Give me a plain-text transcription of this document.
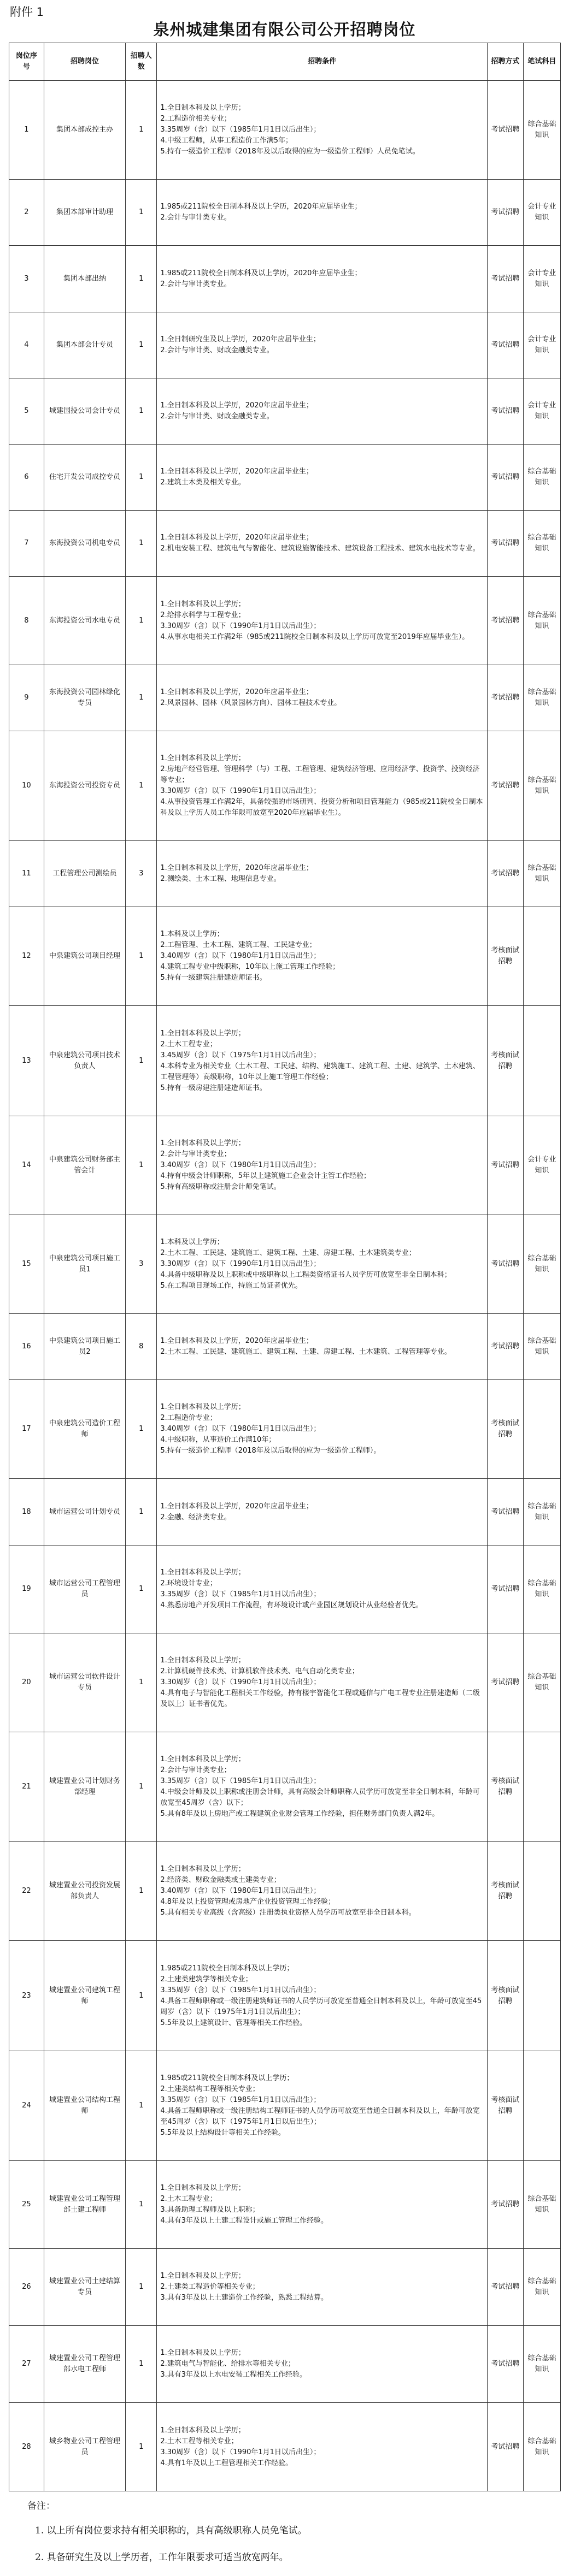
附件 1
泉州城建集团有限公司公开招聘岗位
岗位序号	招聘岗位	招聘人数	招聘条件	招聘方式	笔试科目
1	集团本部成控主办	1	1.全日制本科及以上学历；
2.工程造价相关专业；
3.35周岁（含）以下（1985年1月1日以后出生）；
4.中级工程师，从事工程造价工作满5年；
5.持有一级造价工程师（2018年及以后取得的应为一级造价工程师）人员免笔试。	考试招聘	综合基础知识
2	集团本部审计助理	1	1.985或211院校全日制本科及以上学历，2020年应届毕业生；
2.会计与审计类专业。	考试招聘	会计专业知识
3	集团本部出纳	1	1.985或211院校全日制本科及以上学历，2020年应届毕业生；
2.会计与审计类专业。	考试招聘	会计专业知识
4	集团本部会计专员	1	1.全日制研究生及以上学历，2020年应届毕业生；
2.会计与审计类、财政金融类专业。	考试招聘	会计专业知识
5	城建国投公司会计专员	1	1.全日制本科及以上学历，2020年应届毕业生；
2.会计与审计类、财政金融类专业。	考试招聘	会计专业知识
6	住宅开发公司成控专员	1	1.全日制本科及以上学历，2020年应届毕业生；
2.建筑土木类及相关专业。	考试招聘	综合基础知识
7	东海投资公司机电专员	1	1.全日制本科及以上学历，2020年应届毕业生；
2.机电安装工程、建筑电气与智能化、建筑设施智能技术、建筑设备工程技术、建筑水电技术等专业。	考试招聘	综合基础知识
8	东海投资公司水电专员	1	1.全日制本科及以上学历；
2.给排水科学与工程专业；
3.30周岁（含）以下（1990年1月1日以后出生）；
4.从事水电相关工作满2年（985或211院校全日制本科及以上学历可放宽至2019年应届毕业生）。	考试招聘	综合基础知识
9	东海投资公司园林绿化专员	1	1.全日制本科及以上学历，2020年应届毕业生；
2.风景园林、园林（风景园林方向）、园林工程技术专业。	考试招聘	综合基础知识
10	东海投资公司投资专员	1	1.全日制本科及以上学历；
2.房地产经营管理、管理科学（与）工程、工程管理、建筑经济管理、应用经济学、投资学、投资经济等专业；
3.30周岁（含）以下（1990年1月1日以后出生）；
4.从事投资管理工作满2年，具备较强的市场研判、投资分析和项目管理能力（985或211院校全日制本科及以上学历人员工作年限可放宽至2020年应届毕业生）。	考试招聘	综合基础知识
11	工程管理公司测绘员	3	1.全日制本科及以上学历，2020年应届毕业生；
2.测绘类、土木工程、地理信息专业。	考试招聘	综合基础知识
12	中泉建筑公司项目经理	1	1.本科及以上学历；
2.工程管理、土木工程、建筑工程、工民建专业；
3.40周岁（含）以下（1980年1月1日以后出生）；
4.建筑工程专业中级职称，10年以上施工管理工作经验；
5.持有一级建筑注册建造师证书。	考核面试招聘	
13	中泉建筑公司项目技术负责人	1	1.全日制本科及以上学历；
2.土木工程专业；
3.45周岁（含）以下（1975年1月1日以后出生）；
4.本科专业为相关专业（土木工程、工民建、结构、建筑施工、建筑工程、土建、建筑学、土木建筑、工程管理等）高级职称，10年以上施工管理工作经验；
5.持有一级房建注册建造师证书。	考核面试招聘	
14	中泉建筑公司财务部主管会计	1	1.全日制本科及以上学历；
2.会计与审计类专业；
3.40周岁（含）以下（1980年1月1日以后出生）；
4.持有中级会计师职称，5年以上建筑施工企业会计主管工作经验；
5.持有高级职称或注册会计师免笔试。	考试招聘	会计专业知识
15	中泉建筑公司项目施工员1	3	1.本科及以上学历；
2.土木工程、工民建、建筑施工、建筑工程、土建、房建工程、土木建筑类专业；
3.30周岁（含）以下（1990年1月1日以后出生）；
4.具备中级职称及以上职称或中级职称以上工程类资格证书人员学历可放宽至非全日制本科；
5.在工程项目现场工作，持施工员证者优先。	考试招聘	综合基础知识
16	中泉建筑公司项目施工员2	8	1.全日制本科及以上学历，2020年应届毕业生；
2.土木工程、工民建、建筑施工、建筑工程、土建、房建工程、土木建筑、工程管理等专业。	考试招聘	综合基础知识
17	中泉建筑公司造价工程师	1	1.全日制本科及以上学历；
2.工程造价专业；
3.40周岁（含）以下（1980年1月1日以后出生）；
4.中级职称，从事造价工作满10年；
5.持有一级造价工程师（2018年及以后取得的应为一级造价工程师）。	考核面试招聘	
18	城市运营公司计划专员	1	1.全日制本科及以上学历，2020年应届毕业生；
2.金融、经济类专业。	考试招聘	综合基础知识
19	城市运营公司工程管理员	1	1.全日制本科及以上学历；
2.环境设计专业；
3.35周岁（含）以下（1985年1月1日以后出生）；
4.熟悉房地产开发项目工作流程，有环境设计或产业园区规划设计从业经验者优先。	考试招聘	综合基础知识
20	城市运营公司软件设计专员	1	1.全日制本科及以上学历；
2.计算机硬件技术类、计算机软件技术类、电气自动化类专业；
3.30周岁（含）以下（1990年1月1日以后出生）；
4.具有电子与智能化工程相关工作经验，持有楼宇智能化工程或通信与广电工程专业注册建造师（二级及以上）证书者优先。	考试招聘	综合基础知识
21	城建置业公司计划财务部经理	1	1.全日制本科及以上学历；
2.会计与审计类专业；
3.35周岁（含）以下（1985年1月1日以后出生）；
4.中级会计师及以上职称或注册会计师，具有高级会计师职称人员学历可放宽至非全日制本科，年龄可放宽至45周岁（含）以下；
5.具有8年及以上房地产或工程建筑企业财会管理工作经验，担任财务部门负责人满2年。	考核面试招聘	
22	城建置业公司投资发展部负责人	1	1.全日制本科及以上学历；
2.经济类、财政金融类或土建类专业；
3.40周岁（含）以下（1980年1月1日以后出生）；
4.8年及以上投资管理或房地产企业投资管理工作经验；
5.具有相关专业高级（含高级）注册类执业资格人员学历可放宽至非全日制本科。	考核面试招聘	
23	城建置业公司建筑工程师	1	1.985或211院校全日制本科及以上学历；
2.土建类建筑学等相关专业；
3.35周岁（含）以下（1985年1月1日以后出生）；
4.具备工程师职称或一级注册建筑师证书的人员学历可放宽至普通全日制本科及以上，年龄可放宽至45周岁（含）以下（1975年1月1日以后出生）；
5.5年及以上建筑设计、管理等相关工作经验。	考核面试招聘	
24	城建置业公司结构工程师	1	1.985或211院校全日制本科及以上学历；
2.土建类结构工程等相关专业；
3.35周岁（含）以下（1985年1月1日以后出生）；
4.具备工程师职称或一级注册结构工程师证书的人员学历可放宽至普通全日制本科及以上，年龄可放宽至45周岁（含）以下（1975年1月1日以后出生）；
5.5年及以上结构设计等相关工作经验。	考核面试招聘	
25	城建置业公司工程管理部土建工程师	1	1.全日制本科及以上学历；
2.土木工程专业；
3.具备助理工程师及以上职称；
4.具有3年及以上土建工程设计或施工管理工作经验。	考试招聘	综合基础知识
26	城建置业公司土建结算专员	1	1.全日制本科及以上学历；
2.土建类工程造价等相关专业；
3.具有3年及以上土建造价工作经验，熟悉工程结算。	考试招聘	综合基础知识
27	城建置业公司工程管理部水电工程师	1	1.全日制本科及以上学历；
2.建筑电气与智能化、给排水等相关专业；
3.具有3年及以上水电安装工程相关工作经验。	考试招聘	综合基础知识
28	城乡物业公司工程管理员	1	1.全日制本科及以上学历；
2.土木工程等相关专业；
3.30周岁（含）以下（1990年1月1日以后出生）；
4.具有1年及以上工程管理相关工作经验。	考试招聘	综合基础知识
备注：
1. 以上所有岗位要求持有相关职称的，具有高级职称人员免笔试。
2. 具备研究生及以上学历者，工作年限要求可适当放宽两年。
